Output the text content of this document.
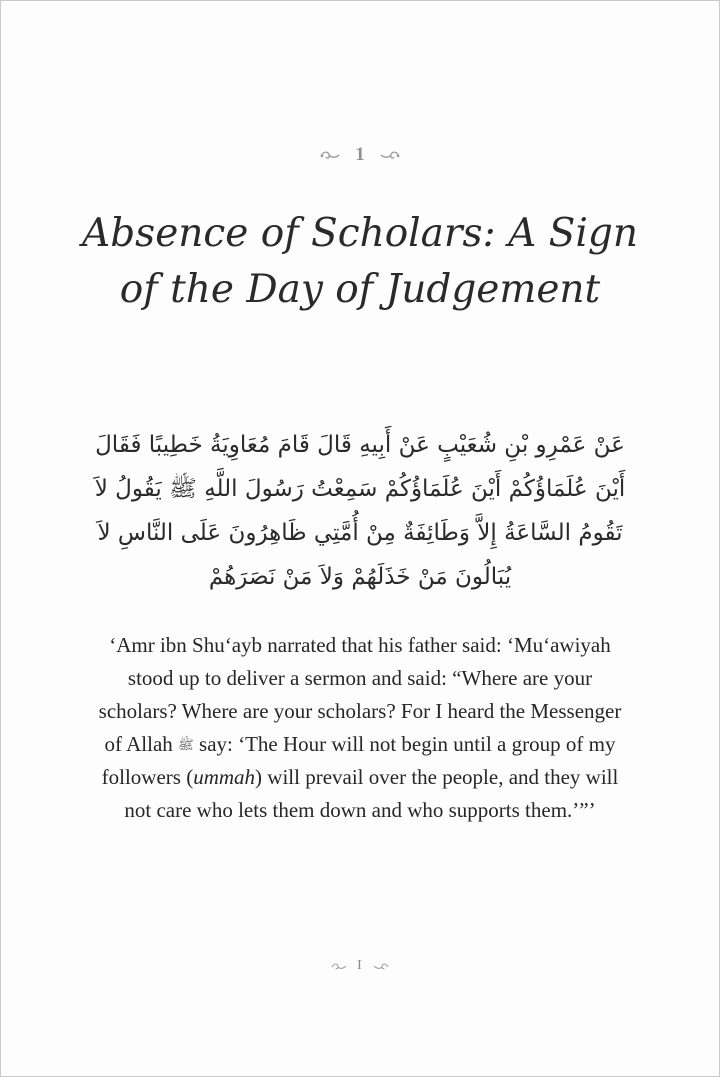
1
Absence of Scholars: A Sign of the Day of Judgement

عَنْ عَمْرِو بْنِ شُعَيْبٍ عَنْ أَبِيهِ قَالَ قَامَ مُعَاوِيَةُ خَطِيبًا فَقَالَ أَيْنَ عُلَمَاؤُكُمْ أَيْنَ عُلَمَاؤُكُمْ سَمِعْتُ رَسُولَ اللَّهِ ﷺ يَقُولُ لاَ تَقُومُ السَّاعَةُ إِلاَّ وَطَائِفَةٌ مِنْ أُمَّتِي ظَاهِرُونَ عَلَى النَّاسِ لاَ يُبَالُونَ مَنْ خَذَلَهُمْ وَلاَ مَنْ نَصَرَهُمْ

‘Amr ibn Shu‘ayb narrated that his father said: ‘Mu‘awiyah stood up to deliver a sermon and said: “Where are your scholars? Where are your scholars? For I heard the Messenger of Allah ﷺ say: ‘The Hour will not begin until a group of my followers (ummah) will prevail over the people, and they will not care who lets them down and who supports them.’”’

I
